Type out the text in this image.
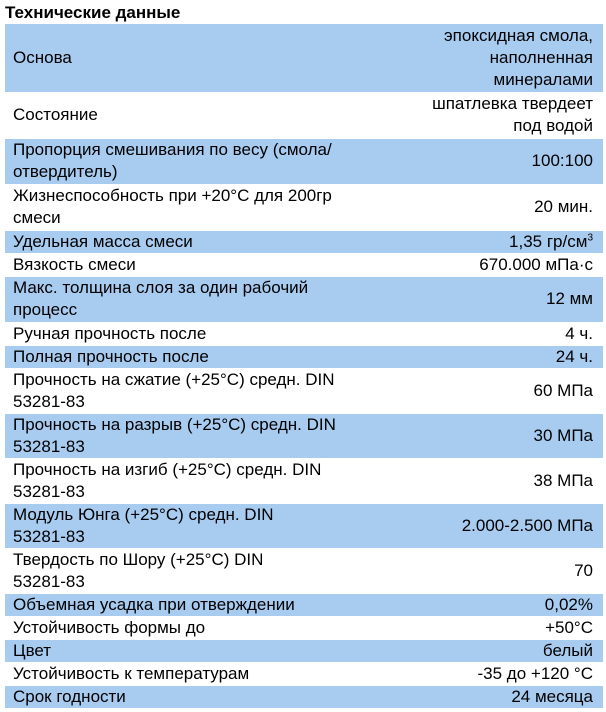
Технические данные
Основа	эпоксидная смола, наполненная минералами
Состояние	шпатлевка твердеет под водой
Пропорция смешивания по весу (смола/отвердитель)	100:100
Жизнеспособность при +20°С для 200гр смеси	20 мин.
Удельная масса смеси	1,35 $гр/см^3$
Вязкость смеси	670.000 мПа·с
Макс. толщина слоя за один рабочий процесс	12 мм
Ручная прочность после	4 ч.
Полная прочность после	24 ч.
Прочность на сжатие (+25°С) средн. DIN 53281-83	60 МПа
Прочность на разрыв (+25°С) средн. DIN 53281-83	30 МПа
Прочность на изгиб (+25°С) средн. DIN 53281-83	38 МПа
Модуль Юнга (+25°С) средн. DIN 53281-83	2.000-2.500 МПа
Твердость по Шору (+25°С) DIN 53281-83	70
Объемная усадка при отверждении	0,02%
Устойчивость формы до	+50°С
Цвет	белый
Устойчивость к температурам	-35 до +120 °С
Срок годности	24 месяца
